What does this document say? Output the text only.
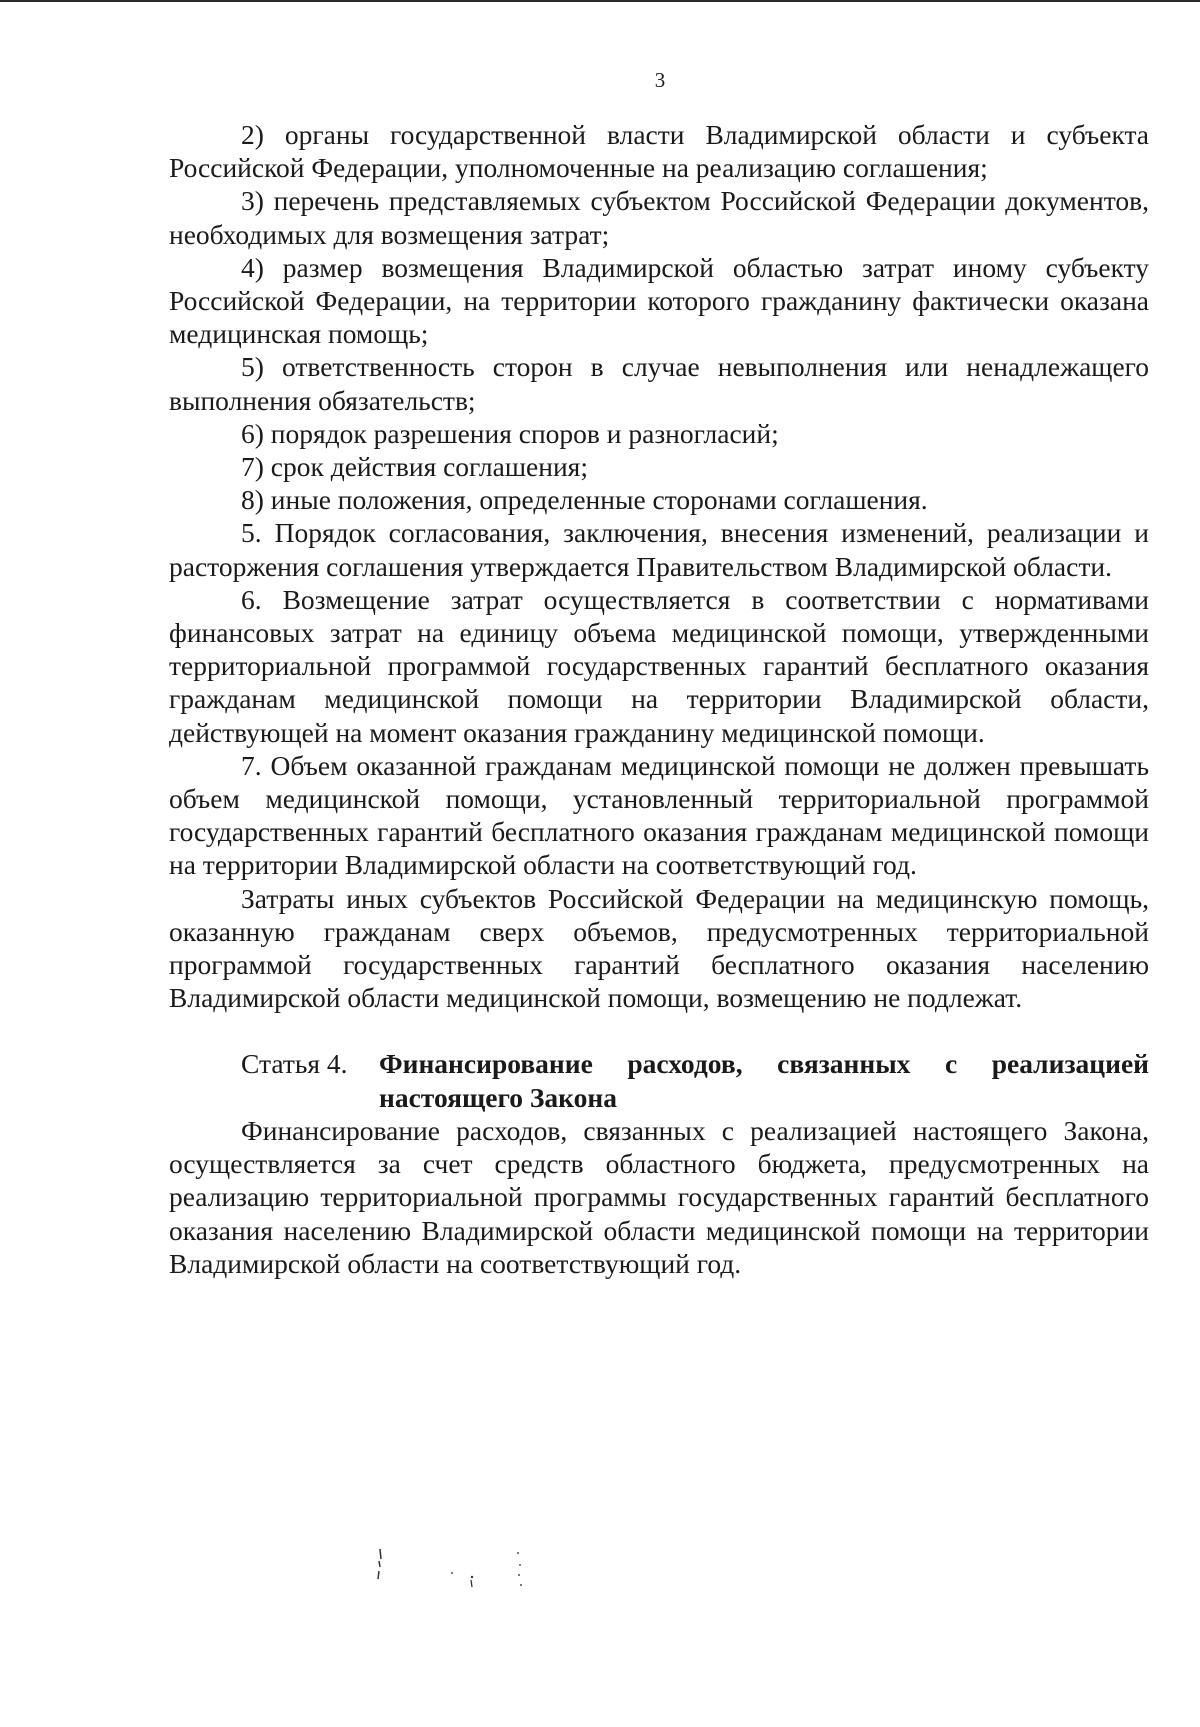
3

2) органы государственной власти Владимирской области и субъекта Российской Федерации, уполномоченные на реализацию соглашения;

3) перечень представляемых субъектом Российской Федерации документов, необходимых для возмещения затрат;

4) размер возмещения Владимирской областью затрат иному субъекту Российской Федерации, на территории которого гражданину фактически оказана медицинская помощь;

5) ответственность сторон в случае невыполнения или ненадлежащего выполнения обязательств;

6) порядок разрешения споров и разногласий;

7) срок действия соглашения;

8) иные положения, определенные сторонами соглашения.

5. Порядок согласования, заключения, внесения изменений, реализации и расторжения соглашения утверждается Правительством Владимирской области.

6. Возмещение затрат осуществляется в соответствии с нормативами финансовых затрат на единицу объема медицинской помощи, утвержденными территориальной программой государственных гарантий бесплатного оказания гражданам медицинской помощи на территории Владимирской области, действующей на момент оказания гражданину медицинской помощи.

7. Объем оказанной гражданам медицинской помощи не должен превышать объем медицинской помощи, установленный территориальной программой государственных гарантий бесплатного оказания гражданам медицинской помощи на территории Владимирской области на соответствующий год.

Затраты иных субъектов Российской Федерации на медицинскую помощь, оказанную гражданам сверх объемов, предусмотренных территориальной программой государственных гарантий бесплатного оказания населению Владимирской области медицинской помощи, возмещению не подлежат.

Статья 4.	Финансирование расходов, связанных с реализацией настоящего Закона

Финансирование расходов, связанных с реализацией настоящего Закона, осуществляется за счет средств областного бюджета, предусмотренных на реализацию территориальной программы государственных гарантий бесплатного оказания населению Владимирской области медицинской помощи на территории Владимирской области на соответствующий год.
